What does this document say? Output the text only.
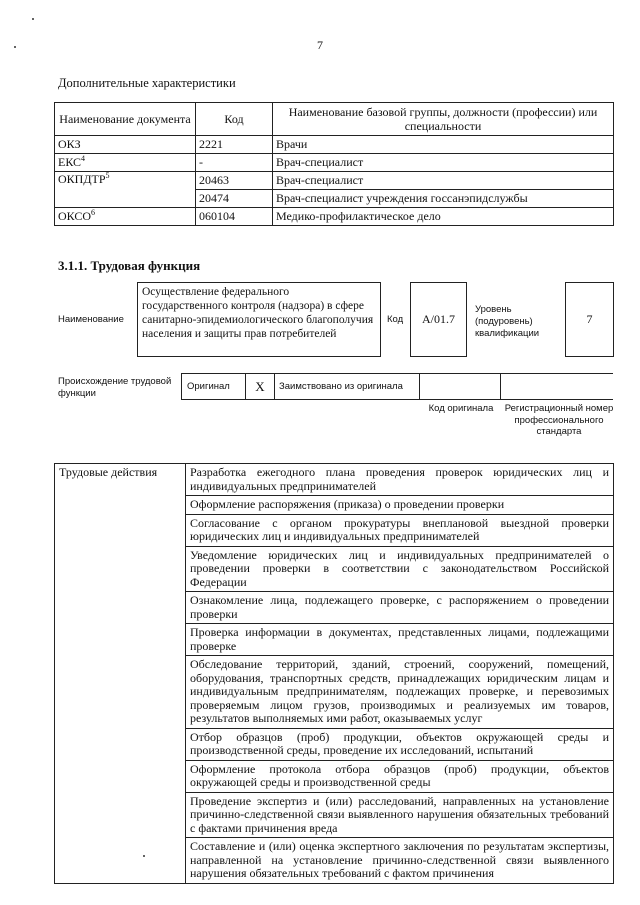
7
Дополнительные характеристики
Наименование документа	Код	Наименование базовой группы, должности (профессии) или специальности
ОКЗ	2221	Врачи
ЕКС$^4$	-	Врач-специалист
ОКПДТР$^5$	20463	Врач-специалист
	20474	Врач-специалист учреждения госсанэпидслужбы
ОКСО$^6$	060104	Медико-профилактическое дело
3.1.1. Трудовая функция
Наименование
Осуществление федерального государственного контроля (надзора) в сфере санитарно-эпидемиологического благополучия населения и защиты прав потребителей
Код	А/01.7
Уровень (подуровень) квалификации
7
Происхождение трудовой функции
Оригинал	Х	Заимствовано из оригинала
Код оригинала	Регистрационный номер профессионального стандарта
Трудовые действия	Разработка ежегодного плана проведения проверок юридических лиц и индивидуальных предпринимателей
Оформление распоряжения (приказа) о проведении проверки
Согласование с органом прокуратуры внеплановой выездной проверки юридических лиц и индивидуальных предпринимателей
Уведомление юридических лиц и индивидуальных предпринимателей о проведении проверки в соответствии с законодательством Российской Федерации
Ознакомление лица, подлежащего проверке, с распоряжением о проведении проверки
Проверка информации в документах, представленных лицами, подлежащими проверке
Обследование территорий, зданий, строений, сооружений, помещений, оборудования, транспортных средств, принадлежащих юридическим лицам и индивидуальным предпринимателям, подлежащих проверке, и перевозимых проверяемым лицом грузов, производимых и реализуемых им товаров, результатов выполняемых ими работ, оказываемых услуг
Отбор образцов (проб) продукции, объектов окружающей среды и производственной среды, проведение их исследований, испытаний
Оформление протокола отбора образцов (проб) продукции, объектов окружающей среды и производственной среды
Проведение экспертиз и (или) расследований, направленных на установление причинно-следственной связи выявленного нарушения обязательных требований с фактами причинения вреда
Составление и (или) оценка экспертного заключения по результатам экспертизы, направленной на установление причинно-следственной связи выявленного нарушения обязательных требований с фактом причинения
